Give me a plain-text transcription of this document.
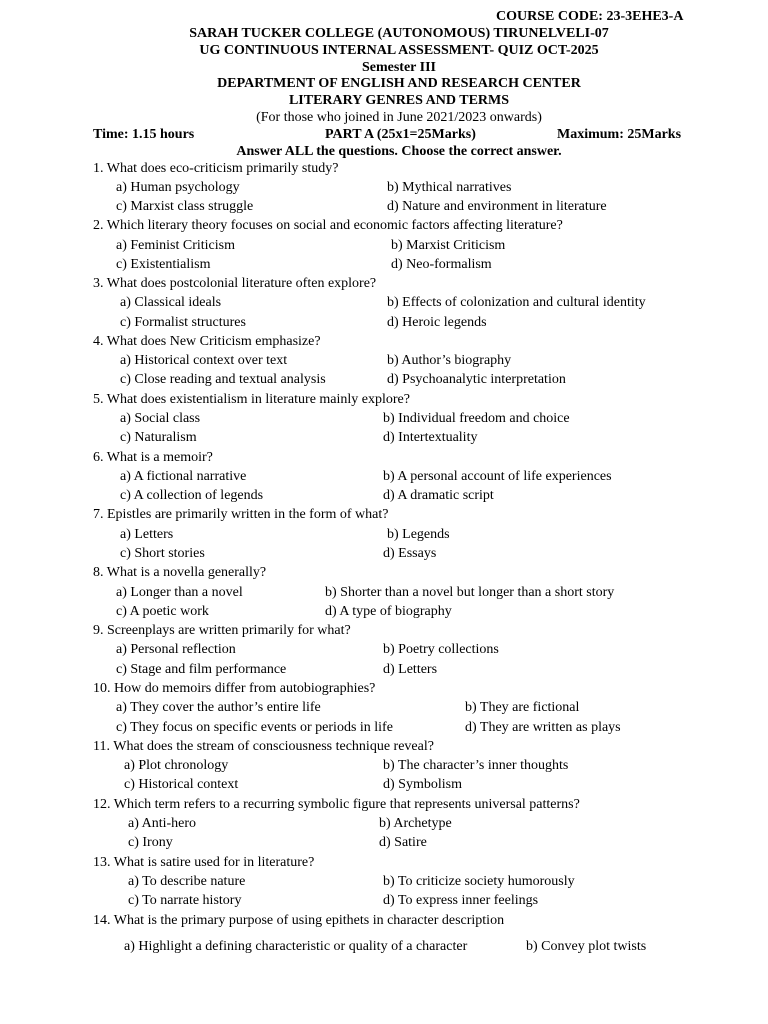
COURSE CODE: 23-3EHE3-A
SARAH TUCKER COLLEGE (AUTONOMOUS) TIRUNELVELI-07
UG CONTINUOUS INTERNAL ASSESSMENT- QUIZ OCT-2025
Semester III
DEPARTMENT OF ENGLISH AND RESEARCH CENTER
LITERARY GENRES AND TERMS
(For those who joined in June 2021/2023 onwards)
Time: 1.15 hours	PART A (25x1=25Marks)	Maximum: 25Marks
Answer ALL the questions. Choose the correct answer.
1. What does eco-criticism primarily study?
a) Human psychology	b) Mythical narratives
c) Marxist class struggle	d) Nature and environment in literature
2. Which literary theory focuses on social and economic factors affecting literature?
a) Feminist Criticism	b) Marxist Criticism
c) Existentialism	d) Neo-formalism
3. What does postcolonial literature often explore?
a) Classical ideals	b) Effects of colonization and cultural identity
c) Formalist structures	d) Heroic legends
4. What does New Criticism emphasize?
a) Historical context over text	b) Author’s biography
c) Close reading and textual analysis	d) Psychoanalytic interpretation
5. What does existentialism in literature mainly explore?
a) Social class	b) Individual freedom and choice
c) Naturalism	d) Intertextuality
6. What is a memoir?
a) A fictional narrative	b) A personal account of life experiences
c) A collection of legends	d) A dramatic script
7. Epistles are primarily written in the form of what?
a) Letters	b) Legends
c) Short stories	d) Essays
8. What is a novella generally?
a) Longer than a novel	b) Shorter than a novel but longer than a short story
c) A poetic work	d) A type of biography
9. Screenplays are written primarily for what?
a) Personal reflection	b) Poetry collections
c) Stage and film performance	d) Letters
10. How do memoirs differ from autobiographies?
a) They cover the author’s entire life	b) They are fictional
c) They focus on specific events or periods in life	d) They are written as plays
11. What does the stream of consciousness technique reveal?
a) Plot chronology	b) The character’s inner thoughts
c) Historical context	d) Symbolism
12. Which term refers to a recurring symbolic figure that represents universal patterns?
a) Anti-hero	b) Archetype
c) Irony	d) Satire
13. What is satire used for in literature?
a) To describe nature	b) To criticize society humorously
c) To narrate history	d) To express inner feelings
14. What is the primary purpose of using epithets in character description
a) Highlight a defining characteristic or quality of a character	b) Convey plot twists
